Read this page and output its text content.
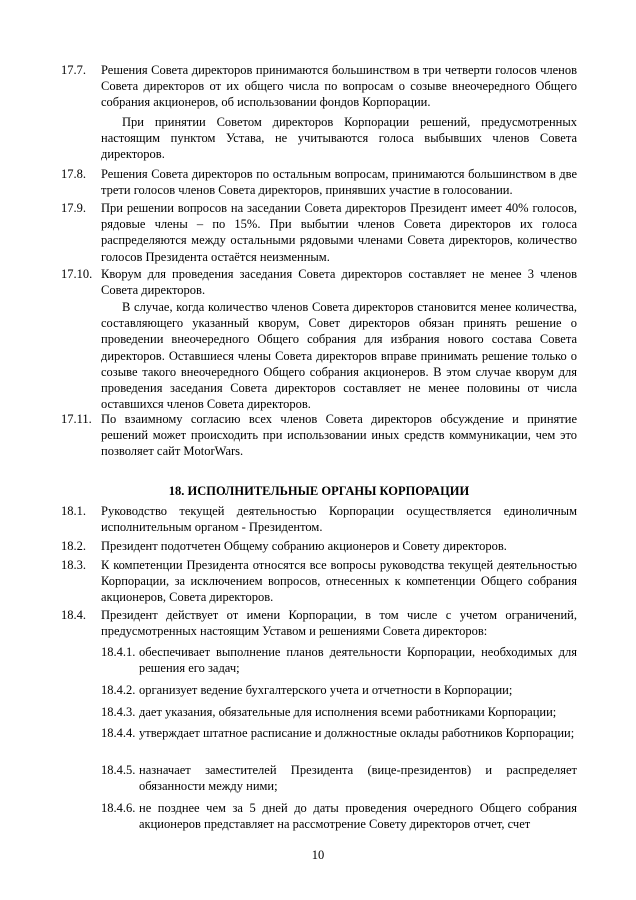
17.7. Решения Совета директоров принимаются большинством в три четверти голосов членов Совета директоров от их общего числа по вопросам о созыве внеочередного Общего собрания акционеров, об использовании фондов Корпорации.
При принятии Советом директоров Корпорации решений, предусмотренных настоящим пунктом Устава, не учитываются голоса выбывших членов Совета директоров.
17.8. Решения Совета директоров по остальным вопросам, принимаются большинством в две трети голосов членов Совета директоров, принявших участие в голосовании.
17.9. При решении вопросов на заседании Совета директоров Президент имеет 40% голосов, рядовые члены – по 15%. При выбытии членов Совета директоров их голоса распределяются между остальными рядовыми членами Совета директоров, количество голосов Президента остаётся неизменным.
17.10. Кворум для проведения заседания Совета директоров составляет не менее 3 членов Совета директоров.
В случае, когда количество членов Совета директоров становится менее количества, составляющего указанный кворум, Совет директоров обязан принять решение о проведении внеочередного Общего собрания для избрания нового состава Совета директоров. Оставшиеся члены Совета директоров вправе принимать решение только о созыве такого внеочередного Общего собрания акционеров. В этом случае кворум для проведения заседания Совета директоров составляет не менее половины от числа оставшихся членов Совета директоров.
17.11. По взаимному согласию всех членов Совета директоров обсуждение и принятие решений может происходить при использовании иных средств коммуникации, чем это позволяет сайт MotorWars.
18. ИСПОЛНИТЕЛЬНЫЕ ОРГАНЫ КОРПОРАЦИИ
18.1. Руководство текущей деятельностью Корпорации осуществляется единоличным исполнительным органом - Президентом.
18.2. Президент подотчетен Общему собранию акционеров и Совету директоров.
18.3. К компетенции Президента относятся все вопросы руководства текущей деятельностью Корпорации, за исключением вопросов, отнесенных к компетенции Общего собрания акционеров, Совета директоров.
18.4. Президент действует от имени Корпорации, в том числе с учетом ограничений, предусмотренных настоящим Уставом и решениями Совета директоров:
18.4.1. обеспечивает выполнение планов деятельности Корпорации, необходимых для решения его задач;
18.4.2. организует ведение бухгалтерского учета и отчетности в Корпорации;
18.4.3. дает указания, обязательные для исполнения всеми работниками Корпорации;
18.4.4. утверждает штатное расписание и должностные оклады работников Корпорации;
18.4.5. назначает заместителей Президента (вице-президентов) и распределяет обязанности между ними;
18.4.6. не позднее чем за 5 дней до даты проведения очередного Общего собрания акционеров представляет на рассмотрение Совету директоров отчет, счет
10
